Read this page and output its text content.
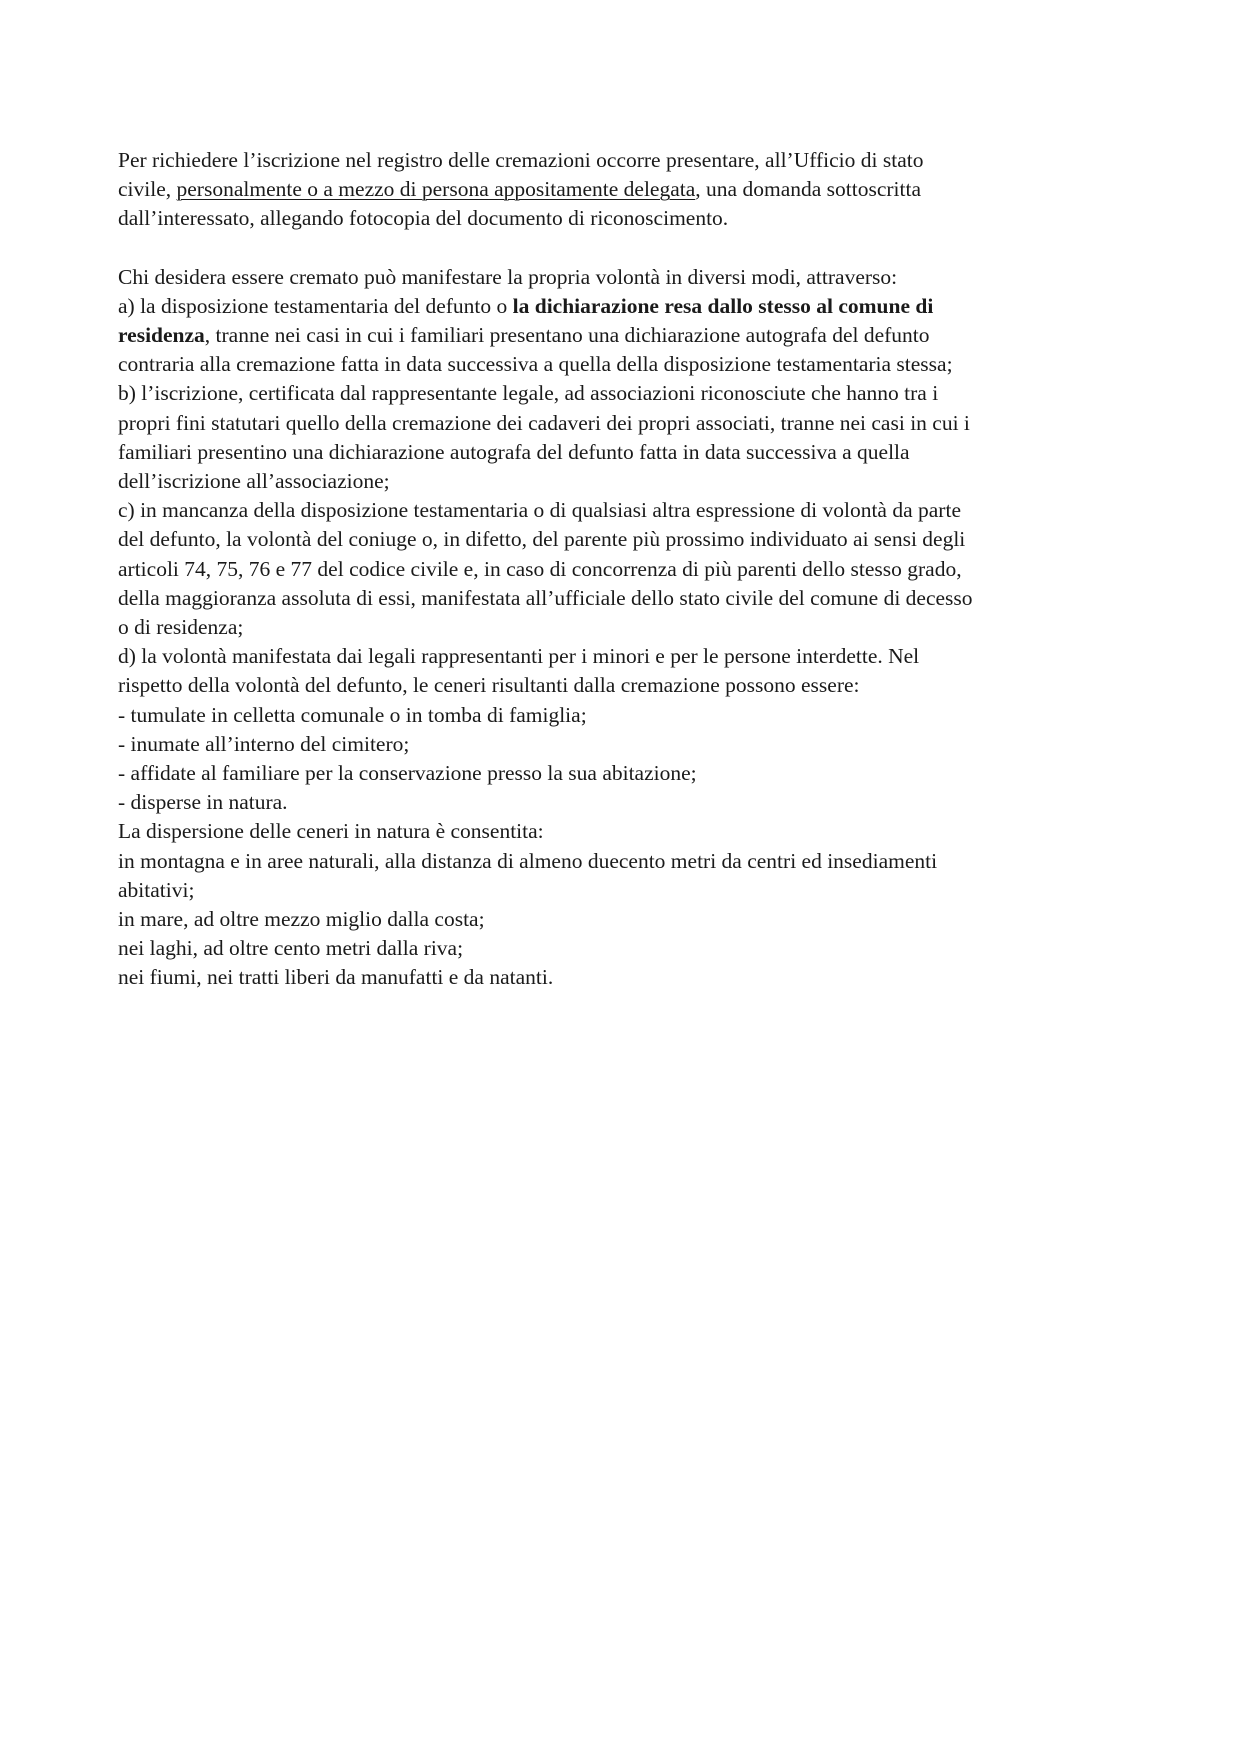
Per richiedere l’iscrizione nel registro delle cremazioni occorre presentare, all’Ufficio di stato
civile, personalmente o a mezzo di persona appositamente delegata, una domanda sottoscritta
dall’interessato, allegando fotocopia del documento di riconoscimento.
Chi desidera essere cremato può manifestare la propria volontà in diversi modi, attraverso:
a) la disposizione testamentaria del defunto o la dichiarazione resa dallo stesso al comune di
residenza, tranne nei casi in cui i familiari presentano una dichiarazione autografa del defunto
contraria alla cremazione fatta in data successiva a quella della disposizione testamentaria stessa;
b) l’iscrizione, certificata dal rappresentante legale, ad associazioni riconosciute che hanno tra i
propri fini statutari quello della cremazione dei cadaveri dei propri associati, tranne nei casi in cui i
familiari presentino una dichiarazione autografa del defunto fatta in data successiva a quella
dell’iscrizione all’associazione;
c) in mancanza della disposizione testamentaria o di qualsiasi altra espressione di volontà da parte
del defunto, la volontà del coniuge o, in difetto, del parente più prossimo individuato ai sensi degli
articoli 74, 75, 76 e 77 del codice civile e, in caso di concorrenza di più parenti dello stesso grado,
della maggioranza assoluta di essi, manifestata all’ufficiale dello stato civile del comune di decesso
o di residenza;
d) la volontà manifestata dai legali rappresentanti per i minori e per le persone interdette. Nel
rispetto della volontà del defunto, le ceneri risultanti dalla cremazione possono essere:
- tumulate in celletta comunale o in tomba di famiglia;
- inumate all’interno del cimitero;
- affidate al familiare per la conservazione presso la sua abitazione;
- disperse in natura.
La dispersione delle ceneri in natura è consentita:
in montagna e in aree naturali, alla distanza di almeno duecento metri da centri ed insediamenti
abitativi;
in mare, ad oltre mezzo miglio dalla costa;
nei laghi, ad oltre cento metri dalla riva;
nei fiumi, nei tratti liberi da manufatti e da natanti.
